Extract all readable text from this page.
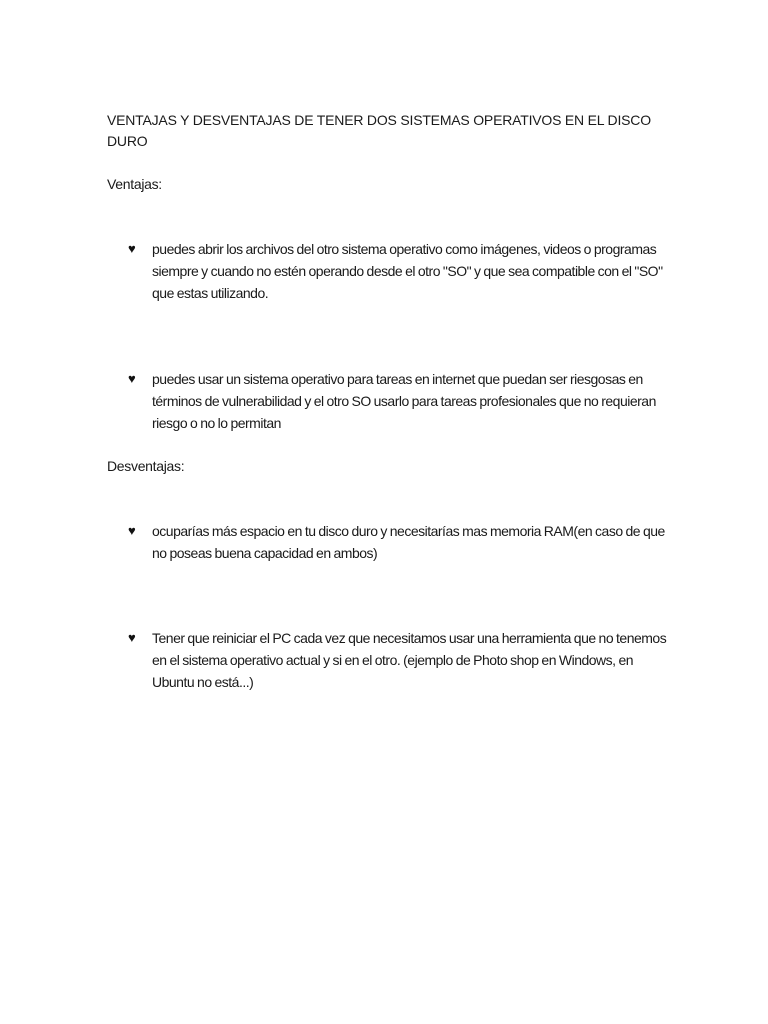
VENTAJAS Y DESVENTAJAS DE TENER DOS SISTEMAS OPERATIVOS EN EL DISCO DURO
Ventajas:
♥	puedes abrir los archivos del otro sistema operativo como imágenes, videos o programas siempre y cuando no estén operando desde el otro "SO" y que sea compatible con el "SO" que estas utilizando.
♥	puedes usar un sistema operativo para tareas en internet que puedan ser riesgosas en términos de vulnerabilidad y el otro SO usarlo para tareas profesionales que no requieran riesgo o no lo permitan
Desventajas:
♥	ocuparías más espacio en tu disco duro y necesitarías mas memoria RAM(en caso de que no poseas buena capacidad en ambos)
♥	Tener que reiniciar el PC cada vez que necesitamos usar una herramienta que no tenemos en el sistema operativo actual y si en el otro. (ejemplo de Photo shop en Windows, en Ubuntu no está...)
